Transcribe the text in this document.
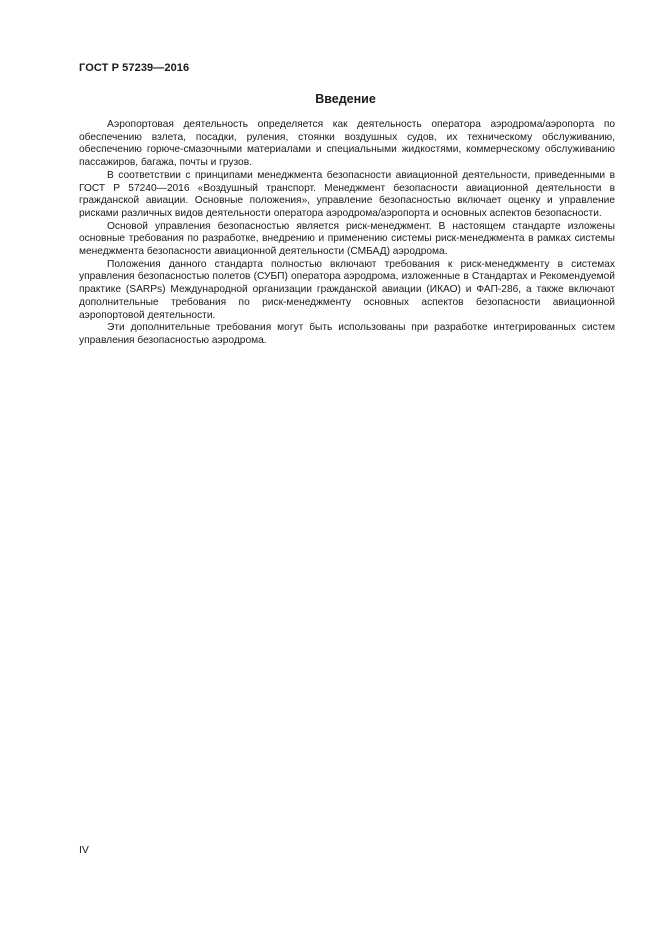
ГОСТ Р 57239—2016
Введение

Аэропортовая деятельность определяется как деятельность оператора аэродрома/аэропорта по обеспечению взлета, посадки, руления, стоянки воздушных судов, их техническому обслуживанию, обеспечению горюче-смазочными материалами и специальными жидкостями, коммерческому обслуживанию пассажиров, багажа, почты и грузов.

В соответствии с принципами менеджмента безопасности авиационной деятельности, приведенными в ГОСТ Р 57240—2016 «Воздушный транспорт. Менеджмент безопасности авиационной деятельности в гражданской авиации. Основные положения», управление безопасностью включает оценку и управление рисками различных видов деятельности оператора аэродрома/аэропорта и основных аспектов безопасности.

Основой управления безопасностью является риск-менеджмент. В настоящем стандарте изложены основные требования по разработке, внедрению и применению системы риск-менеджмента в рамках системы менеджмента безопасности авиационной деятельности (СМБАД) аэродрома.

Положения данного стандарта полностью включают требования к риск-менеджменту в системах управления безопасностью полетов (СУБП) оператора аэродрома, изложенные в Стандартах и Рекомендуемой практике (SARPs) Международной организации гражданской авиации (ИКАО) и ФАП-286, а также включают дополнительные требования по риск-менеджменту основных аспектов безопасности авиационной аэропортовой деятельности.

Эти дополнительные требования могут быть использованы при разработке интегрированных систем управления безопасностью аэродрома.

IV
